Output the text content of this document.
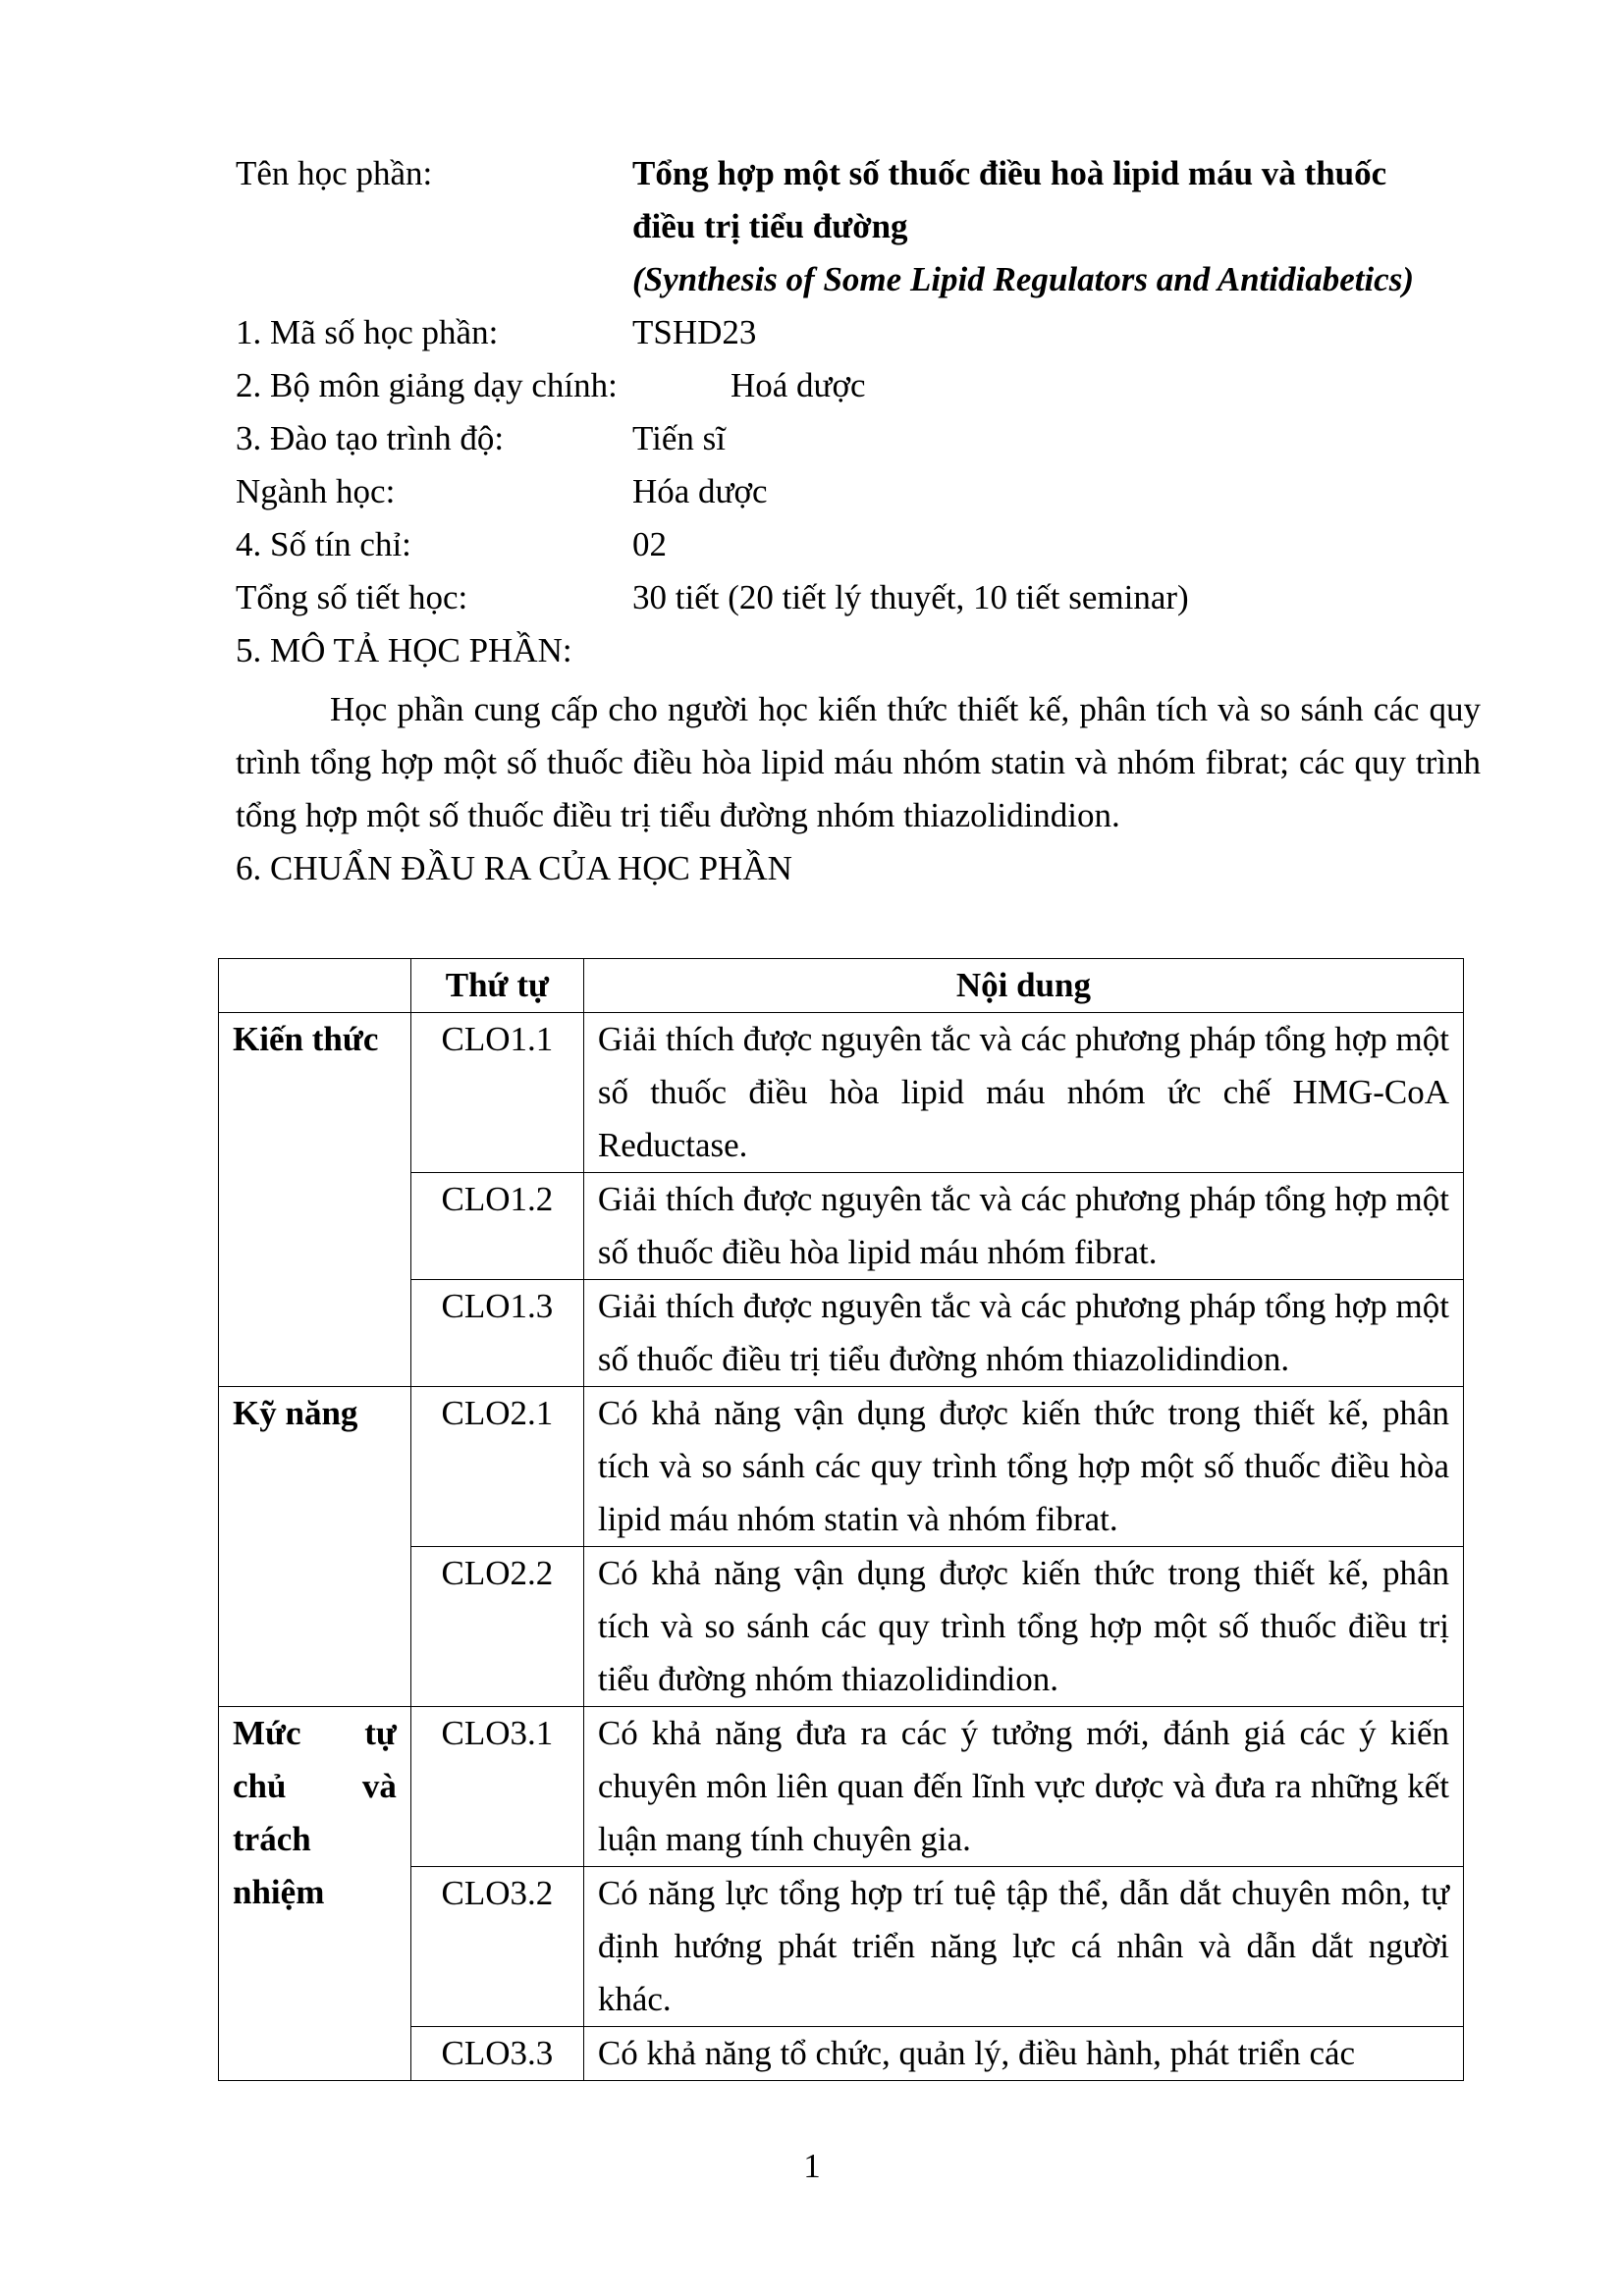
Tên học phần:	Tổng hợp một số thuốc điều hoà lipid máu và thuốc
điều trị tiểu đường
(Synthesis of Some Lipid Regulators and Antidiabetics)
1. Mã số học phần:	TSHD23
2. Bộ môn giảng dạy chính:	Hoá dược
3. Đào tạo trình độ:	Tiến sĩ
Ngành học:	Hóa dược
4. Số tín chỉ:	02
Tổng số tiết học:	30 tiết (20 tiết lý thuyết, 10 tiết seminar)
5. MÔ TẢ HỌC PHẦN:

Học phần cung cấp cho người học kiến thức thiết kế, phân tích và so sánh các quy trình tổng hợp một số thuốc điều hòa lipid máu nhóm statin và nhóm fibrat; các quy trình tổng hợp một số thuốc điều trị tiểu đường nhóm thiazolidindion.

6. CHUẨN ĐẦU RA CỦA HỌC PHẦN
	Thứ tự	Nội dung

Kiến thức	CLO1.1	Giải thích được nguyên tắc và các phương pháp tổng hợp một số thuốc điều hòa lipid máu nhóm ức chế HMG-CoA Reductase.
	CLO1.2	Giải thích được nguyên tắc và các phương pháp tổng hợp một số thuốc điều hòa lipid máu nhóm fibrat.
	CLO1.3	Giải thích được nguyên tắc và các phương pháp tổng hợp một số thuốc điều trị tiểu đường nhóm thiazolidindion.

Kỹ năng	CLO2.1	Có khả năng vận dụng được kiến thức trong thiết kế, phân tích và so sánh các quy trình tổng hợp một số thuốc điều hòa lipid máu nhóm statin và nhóm fibrat.
	CLO2.2	Có khả năng vận dụng được kiến thức trong thiết kế, phân tích và so sánh các quy trình tổng hợp một số thuốc điều trị tiểu đường nhóm thiazolidindion.

Mức tự
chủ và
trách
nhiệm	CLO3.1	Có khả năng đưa ra các ý tưởng mới, đánh giá các ý kiến chuyên môn liên quan đến lĩnh vực dược và đưa ra những kết luận mang tính chuyên gia.
	CLO3.2	Có năng lực tổng hợp trí tuệ tập thể, dẫn dắt chuyên môn, tự định hướng phát triển năng lực cá nhân và dẫn dắt người khác.
	CLO3.3	Có khả năng tổ chức, quản lý, điều hành, phát triển các
1
